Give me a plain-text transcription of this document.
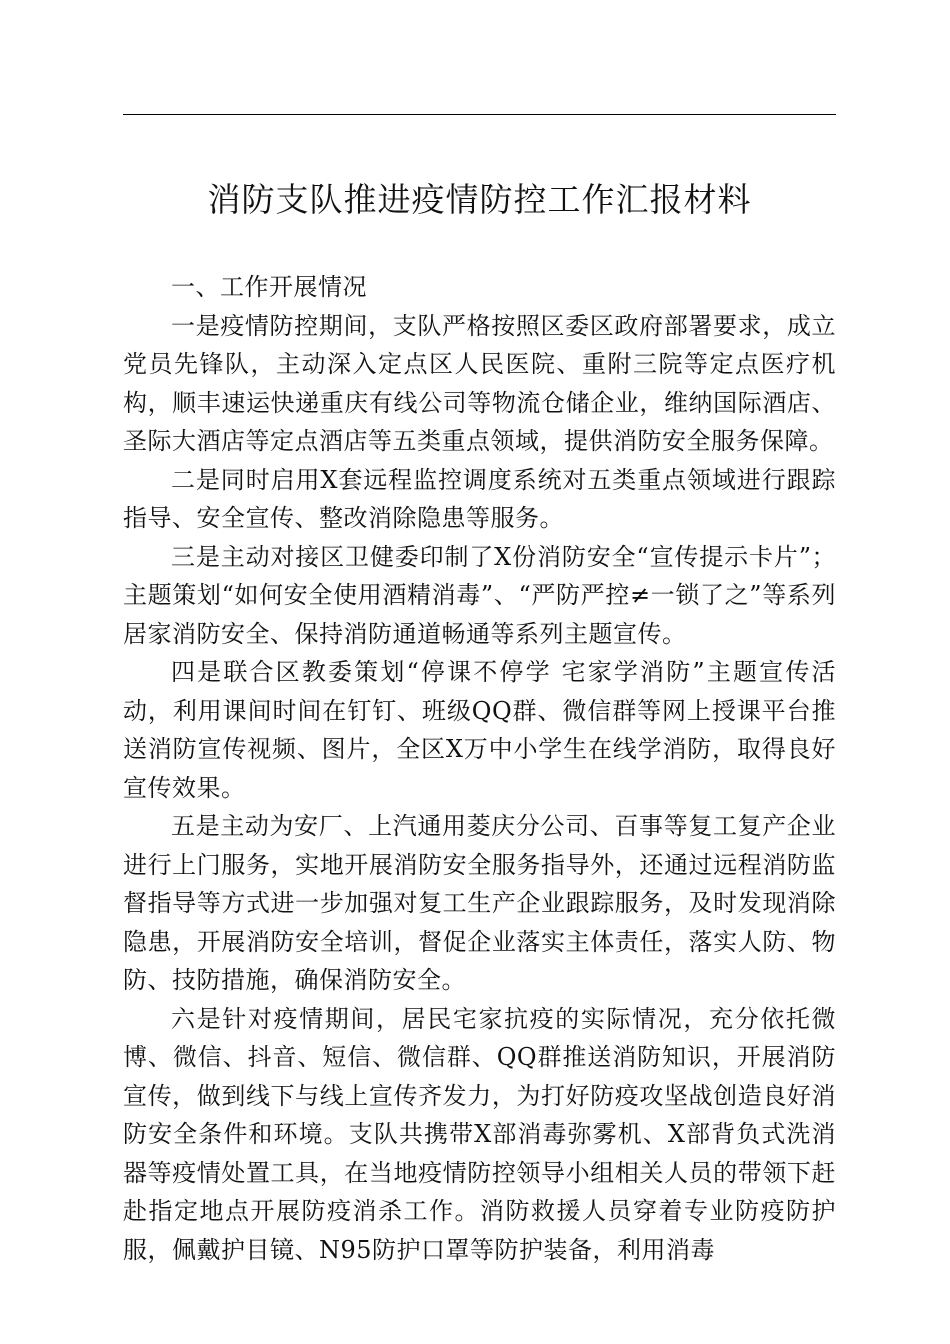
消防支队推进疫情防控工作汇报材料

一、工作开展情况

一是疫情防控期间，支队严格按照区委区政府部署要求，成立党员先锋队，主动深入定点区人民医院、重附三院等定点医疗机构，顺丰速运快递重庆有线公司等物流仓储企业，维纳国际酒店、圣际大酒店等定点酒店等五类重点领域，提供消防安全服务保障。

二是同时启用X套远程监控调度系统对五类重点领域进行跟踪指导、安全宣传、整改消除隐患等服务。

三是主动对接区卫健委印制了X份消防安全“宣传提示卡片”；主题策划“如何安全使用酒精消毒”、“严防严控≠一锁了之”等系列居家消防安全、保持消防通道畅通等系列主题宣传。

四是联合区教委策划“停课不停学 宅家学消防”主题宣传活动，利用课间时间在钉钉、班级QQ群、微信群等网上授课平台推送消防宣传视频、图片，全区X万中小学生在线学消防，取得良好宣传效果。

五是主动为安厂、上汽通用菱庆分公司、百事等复工复产企业进行上门服务，实地开展消防安全服务指导外，还通过远程消防监督指导等方式进一步加强对复工生产企业跟踪服务，及时发现消除隐患，开展消防安全培训，督促企业落实主体责任，落实人防、物防、技防措施，确保消防安全。

六是针对疫情期间，居民宅家抗疫的实际情况，充分依托微博、微信、抖音、短信、微信群、QQ群推送消防知识，开展消防宣传，做到线下与线上宣传齐发力，为打好防疫攻坚战创造良好消防安全条件和环境。支队共携带X部消毒弥雾机、X部背负式洗消器等疫情处置工具，在当地疫情防控领导小组相关人员的带领下赶赴指定地点开展防疫消杀工作。消防救援人员穿着专业防疫防护服，佩戴护目镜、N95防护口罩等防护装备，利用消毒
